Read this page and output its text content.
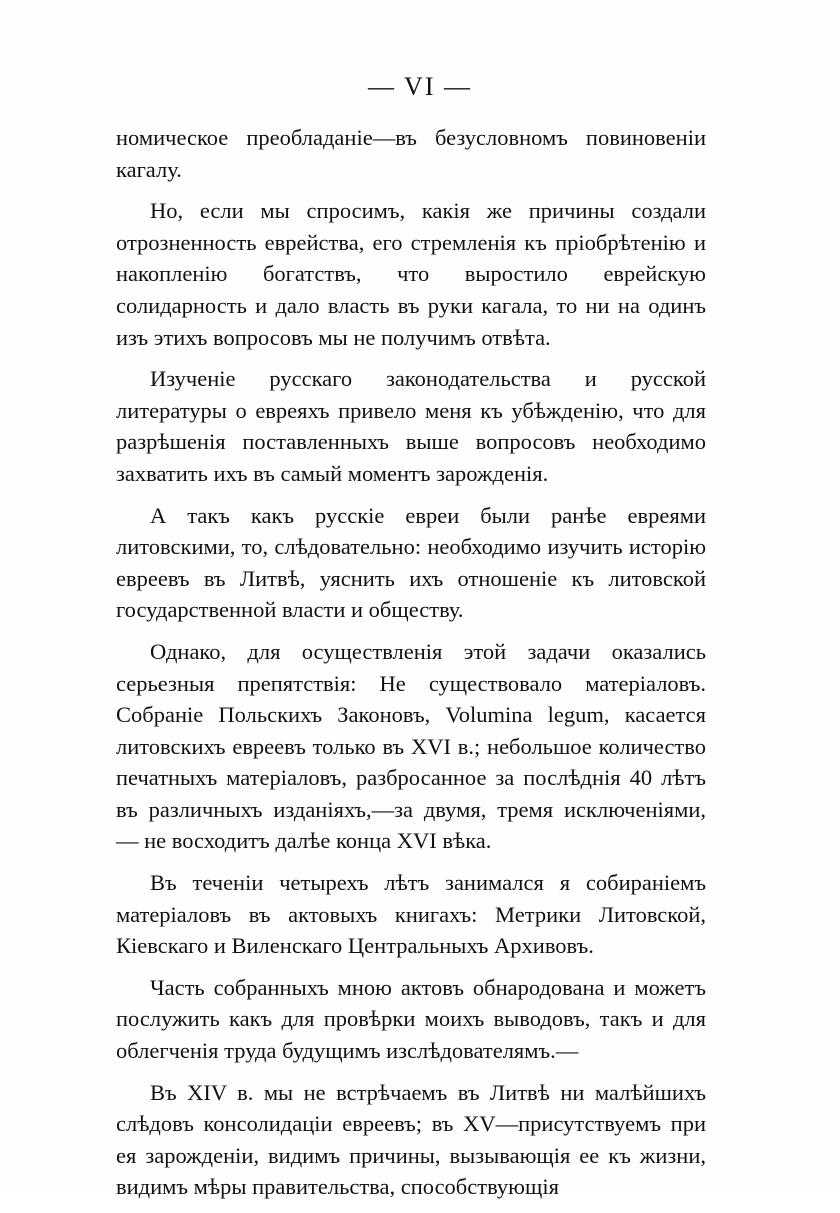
— VI —

номическое преобладаніе—въ безусловномъ повиновеніи кагалу.

Но, если мы спросимъ, какія же причины создали отрозненность еврейства, его стремленія къ пріобрѣтенію и накопленію богатствъ, что выростило еврейскую солидарность и дало власть въ руки кагала, то ни на одинъ изъ этихъ вопросовъ мы не получимъ отвѣта.

Изученіе русскаго законодательства и русской литературы о евреяхъ привело меня къ убѣжденію, что для разрѣшенія поставленныхъ выше вопросовъ необходимо захватить ихъ въ самый моментъ зарожденія.

А такъ какъ русскіе евреи были ранѣе евреями литовскими, то, слѣдовательно: необходимо изучить исторію евреевъ въ Литвѣ, уяснить ихъ отношеніе къ литовской государственной власти и обществу.

Однако, для осуществленія этой задачи оказались серьезныя препятствія: Не существовало матеріаловъ. Собраніе Польскихъ Законовъ, Volumina legum, касается литовскихъ евреевъ только въ XVI в.; небольшое количество печатныхъ матеріаловъ, разбросанное за послѣднія 40 лѣтъ въ различныхъ изданіяхъ,—за двумя, тремя исключеніями, — не восходитъ далѣе конца XVI вѣка.

Въ теченіи четырехъ лѣтъ занимался я собираніемъ матеріаловъ въ актовыхъ книгахъ: Метрики Литовской, Кіевскаго и Виленскаго Центральныхъ Архивовъ.

Часть собранныхъ мною актовъ обнародована и можетъ послужить какъ для провѣрки моихъ выводовъ, такъ и для облегченія труда будущимъ изслѣдователямъ.—

Въ XIV в. мы не встрѣчаемъ въ Литвѣ ни малѣйшихъ слѣдовъ консолидаціи евреевъ; въ XV—присутствуемъ при ея зарожденіи, видимъ причины, вызывающія ее къ жизни, видимъ мѣры правительства, способствующія
